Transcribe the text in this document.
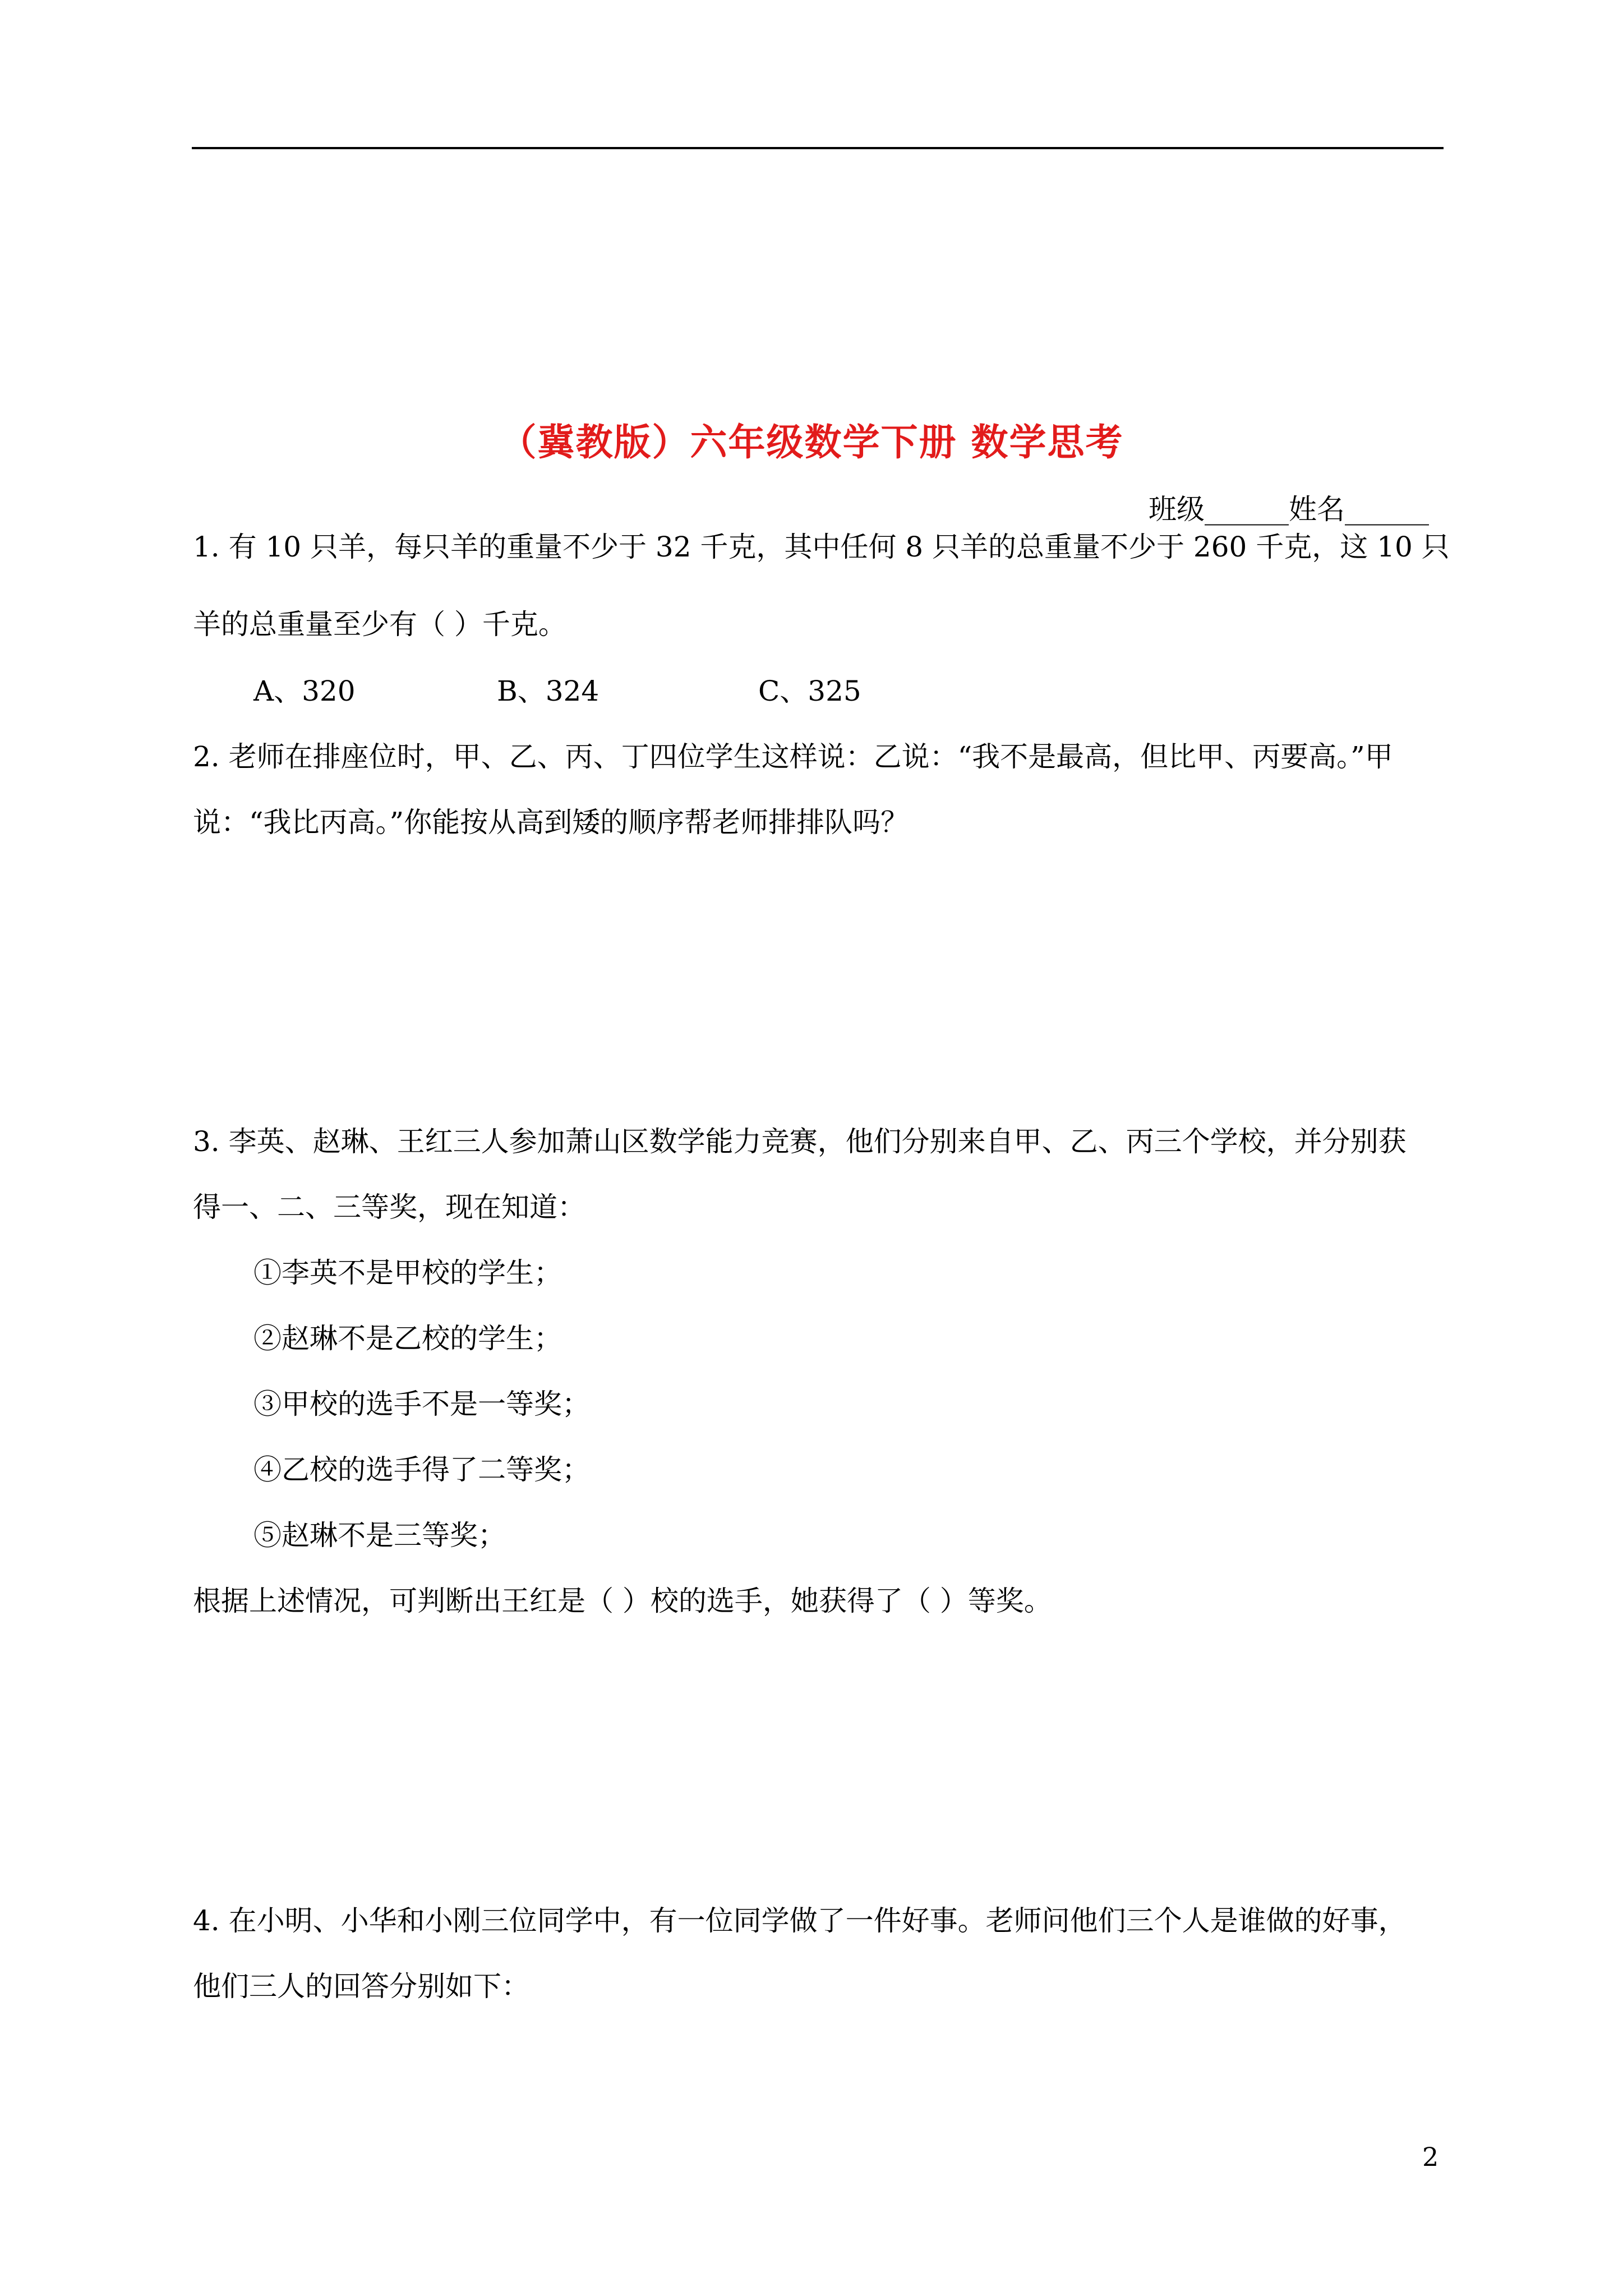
（冀教版）六年级数学下册 数学思考
班级______姓名______
1. 有 10 只羊，每只羊的重量不少于 32 千克，其中任何 8 只羊的总重量不少于 260 千克，这 10 只
羊的总重量至少有（ ）千克。
A、320	B、324	C、325
2. 老师在排座位时，甲、乙、丙、丁四位学生这样说：乙说：“我不是最高，但比甲、丙要高。”甲
说：“我比丙高。”你能按从高到矮的顺序帮老师排排队吗？
3. 李英、赵琳、王红三人参加萧山区数学能力竞赛，他们分别来自甲、乙、丙三个学校，并分别获
得一、二、三等奖，现在知道：
①李英不是甲校的学生；
②赵琳不是乙校的学生；
③甲校的选手不是一等奖；
④乙校的选手得了二等奖；
⑤赵琳不是三等奖；
根据上述情况，可判断出王红是（ ）校的选手，她获得了（ ）等奖。
4. 在小明、小华和小刚三位同学中，有一位同学做了一件好事。老师问他们三个人是谁做的好事，
他们三人的回答分别如下：
2
